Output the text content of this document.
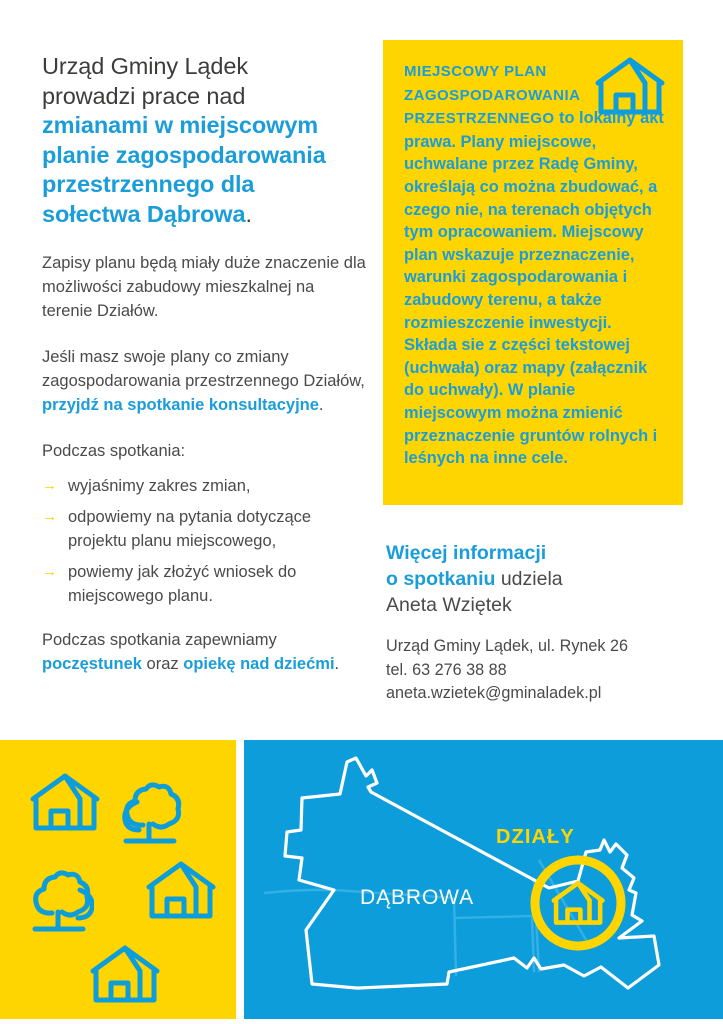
Urząd Gminy Lądek
prowadzi prace nad
zmianami w miejscowym
planie zagospodarowania
przestrzennego dla
sołectwa Dąbrowa.

Zapisy planu będą miały duże znaczenie dla możliwości zabudowy mieszkalnej na terenie Działów.

Jeśli masz swoje plany co zmiany zagospodarowania przestrzennego Działów, przyjdź na spotkanie konsultacyjne.

Podczas spotkania:

→ wyjaśnimy zakres zmian,
→ odpowiemy na pytania dotyczące projektu planu miejscowego,
→ powiemy jak złożyć wniosek do miejscowego planu.

Podczas spotkania zapewniamy poczęstunek oraz opiekę nad dziećmi.

MIEJSCOWY PLAN ZAGOSPODAROWANIA PRZESTRZENNEGO to lokalny akt prawa. Plany miejscowe, uchwalane przez Radę Gminy, określają co można zbudować, a czego nie, na terenach objętych tym opracowaniem. Miejscowy plan wskazuje przeznaczenie, warunki zagospodarowania i zabudowy terenu, a także rozmieszczenie inwestycji. Składa sie z części tekstowej (uchwała) oraz mapy (załącznik do uchwały). W planie miejscowym można zmienić przeznaczenie gruntów rolnych i leśnych na inne cele.

Więcej informacji
o spotkaniu udziela
Aneta Wziętek

Urząd Gminy Lądek, ul. Rynek 26
tel. 63 276 38 88
aneta.wzietek@gminaladek.pl
DĄBROWA
DZIAŁY
